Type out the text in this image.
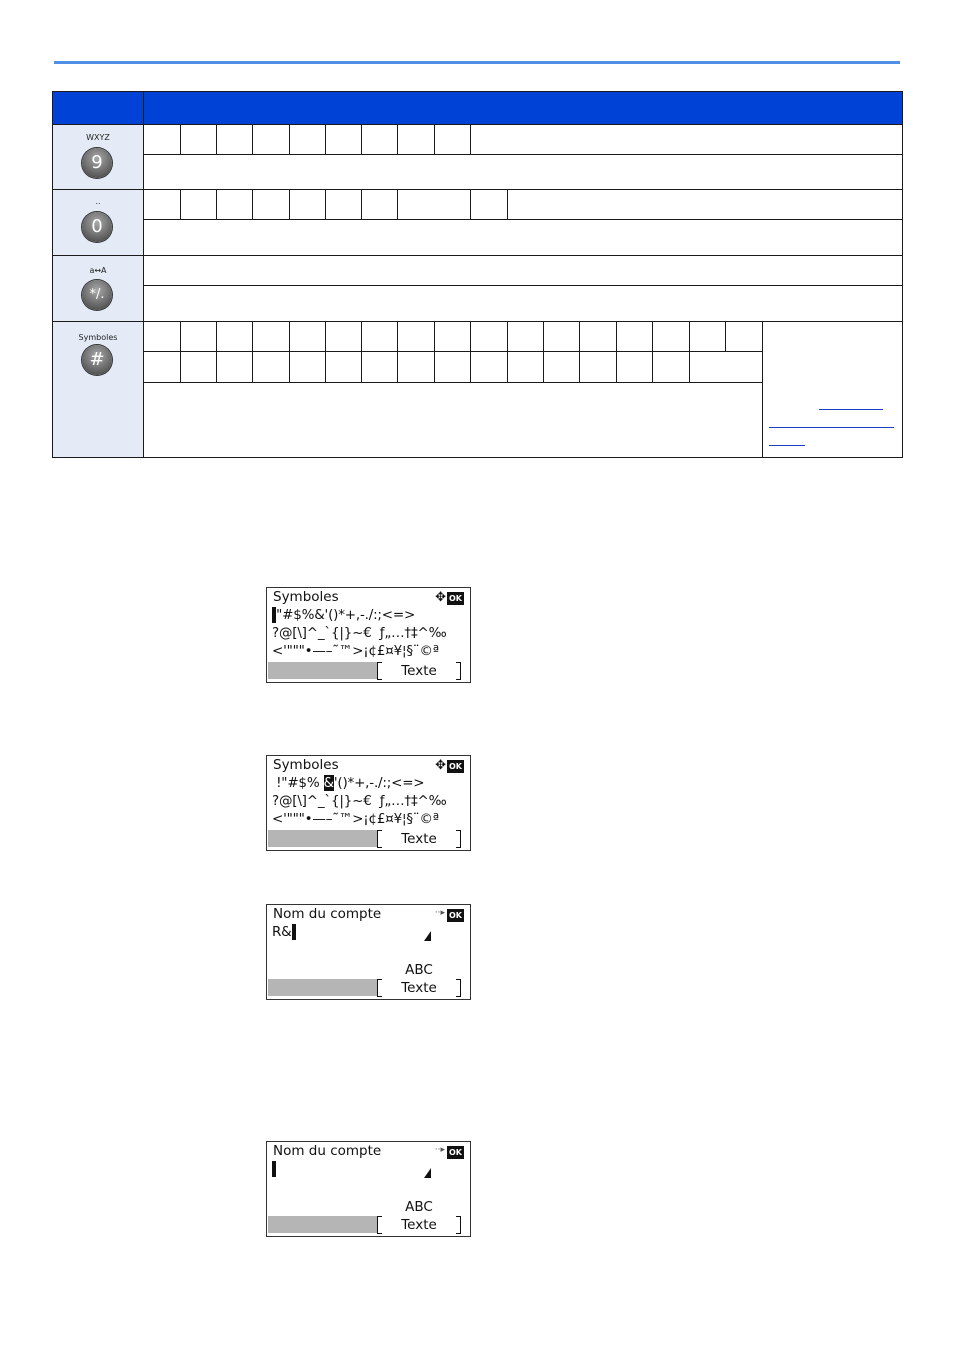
WXYZ
9
..
0
a↔A
*/.
Symboles
#
Symboles	✥ OK
"#$%&'()*+,-./:;<=>
?@[\]^_`{|}~€  ƒ„…†‡^‰
<'"""•—–˜™>¡¢£¤¥¦§¨©ª
Texte
Symboles	✥ OK
!"#$% &'()*+,-./:;<=>
?@[\]^_`{|}~€  ƒ„…†‡^‰
<'"""•—–˜™>¡¢£¤¥¦§¨©ª
Texte
Nom du compte	··▸ OK
R&
ABC
Texte
Nom du compte	··▸ OK

ABC
Texte
